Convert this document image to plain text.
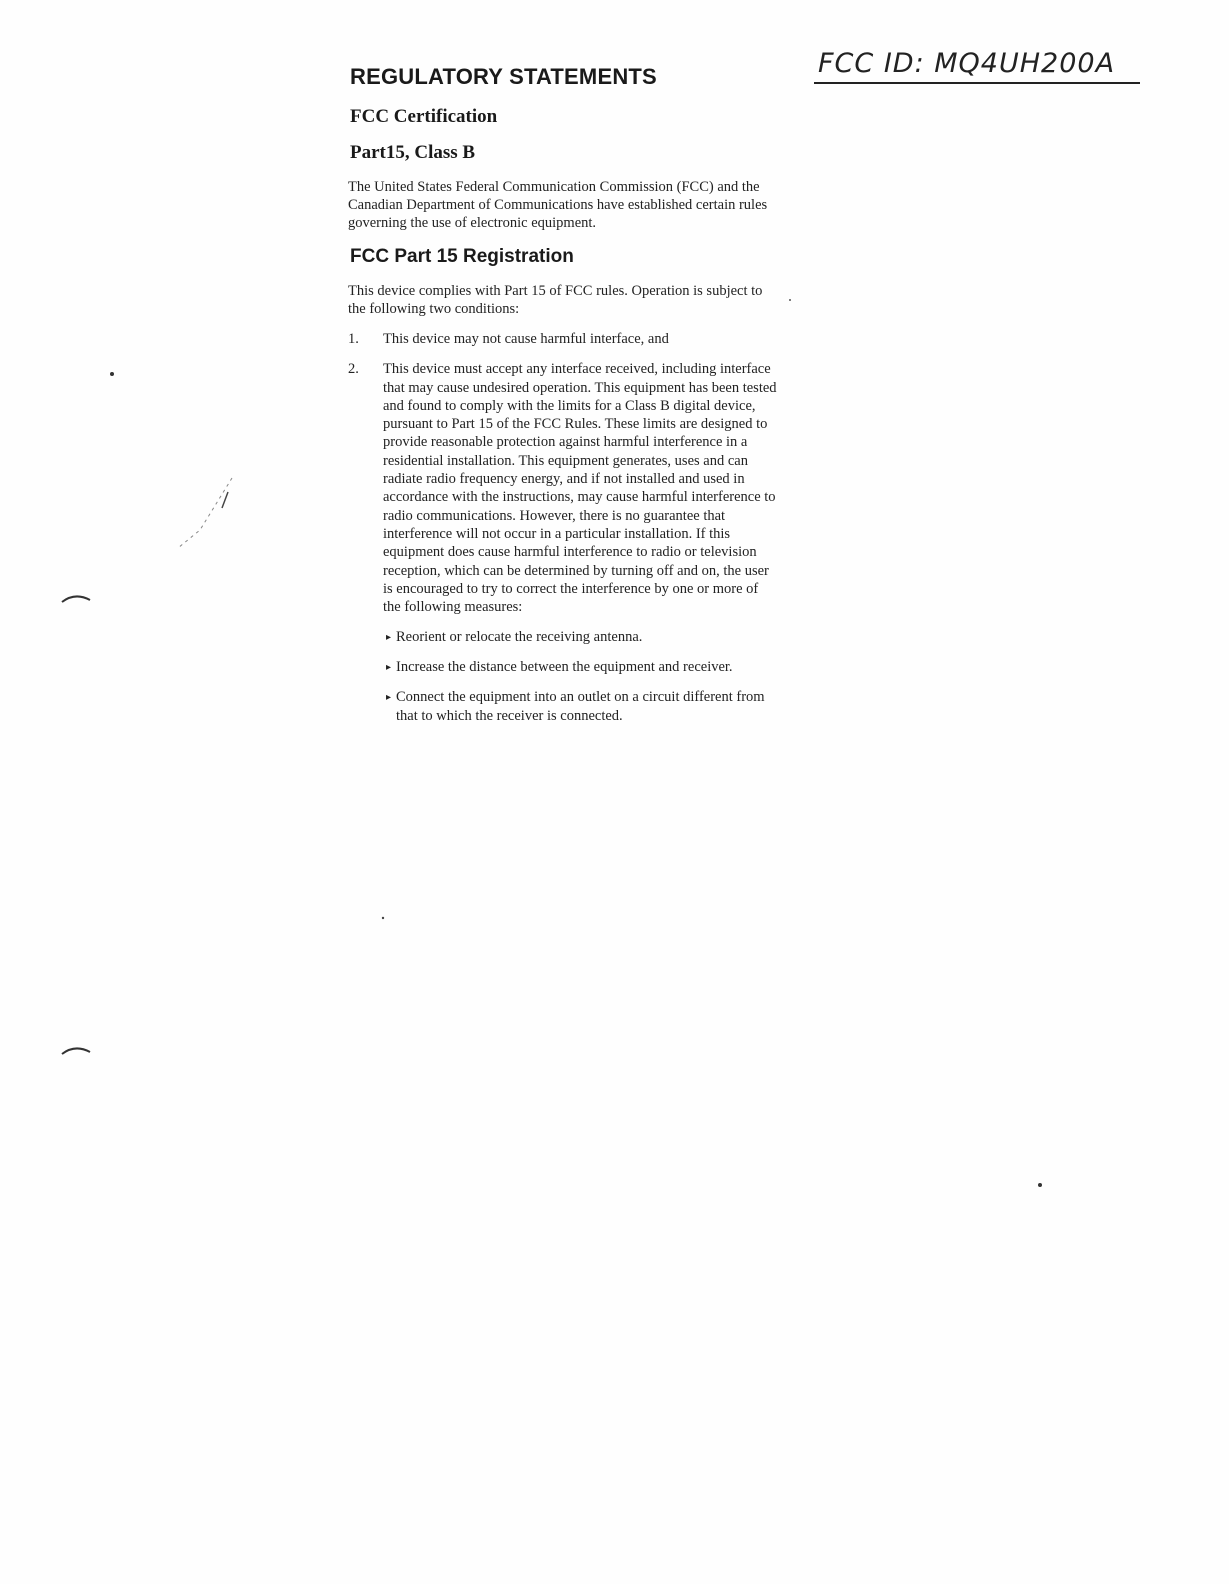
FCC ID: MQ4UH200A
REGULATORY STATEMENTS
FCC Certification
Part15, Class B
The United States Federal Communication Commission (FCC) and the Canadian Department of Communications have established certain rules governing the use of electronic equipment.
FCC Part 15 Registration
This device complies with Part 15 of FCC rules. Operation is subject to the following two conditions:
1.	This device may not cause harmful interface, and
2.	This device must accept any interface received, including interface that may cause undesired operation. This equipment has been tested and found to comply with the limits for a Class B digital device, pursuant to Part 15 of the FCC Rules. These limits are designed to provide reasonable protection against harmful interference in a residential installation. This equipment generates, uses and can radiate radio frequency energy, and if not installed and used in accordance with the instructions, may cause harmful interference to radio communications. However, there is no guarantee that interference will not occur in a particular installation. If this equipment does cause harmful interference to radio or television reception, which can be determined by turning off and on, the user is encouraged to try to correct the interference by one or more of the following measures:
▸ Reorient or relocate the receiving antenna.
▸ Increase the distance between the equipment and receiver.
▸ Connect the equipment into an outlet on a circuit different from that to which the receiver is connected.
